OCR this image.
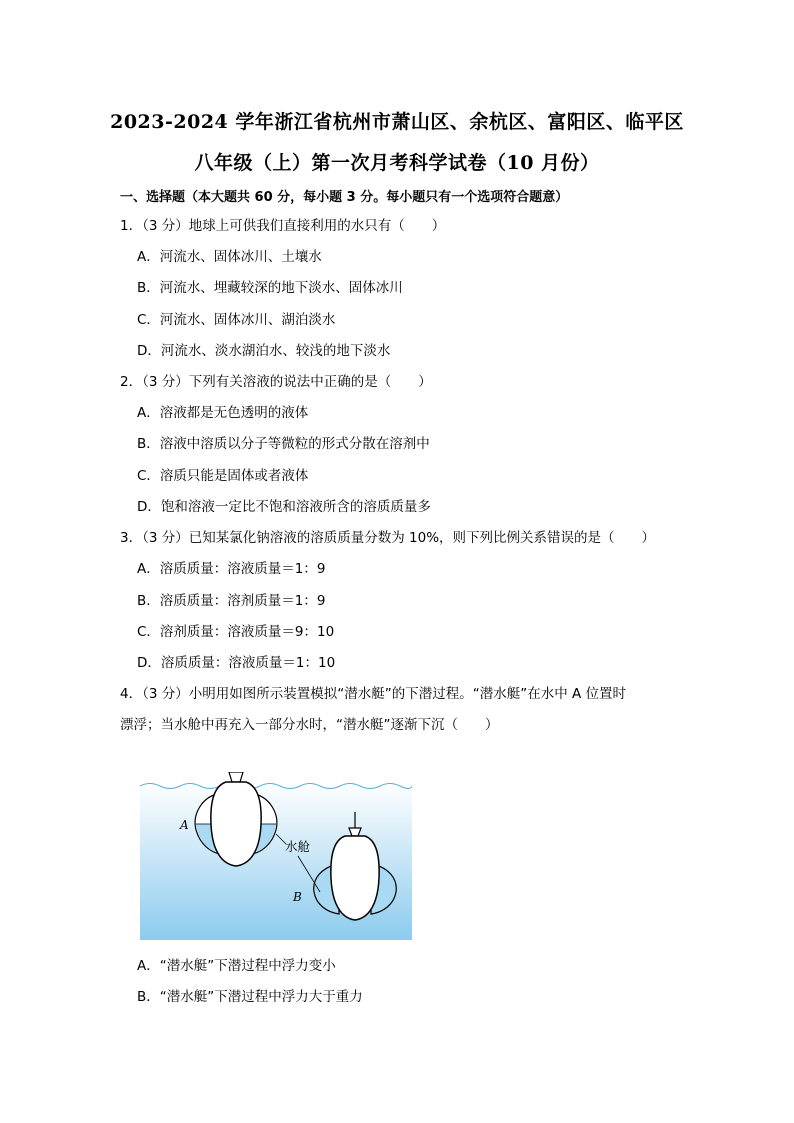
2023-2024 学年浙江省杭州市萧山区、余杭区、富阳区、临平区
八年级（上）第一次月考科学试卷（10 月份）
一、选择题（本大题共 60 分，每小题 3 分。每小题只有一个选项符合题意）
1．（3 分）地球上可供我们直接利用的水只有（　　）
A．河流水、固体冰川、土壤水
B．河流水、埋藏较深的地下淡水、固体冰川
C．河流水、固体冰川、湖泊淡水
D．河流水、淡水湖泊水、较浅的地下淡水
2．（3 分）下列有关溶液的说法中正确的是（　　）
A．溶液都是无色透明的液体
B．溶液中溶质以分子等微粒的形式分散在溶剂中
C．溶质只能是固体或者液体
D．饱和溶液一定比不饱和溶液所含的溶质质量多
3．（3 分）已知某氯化钠溶液的溶质质量分数为 10%，则下列比例关系错误的是（　　）
A．溶质质量：溶液质量＝1：9
B．溶质质量：溶剂质量＝1：9
C．溶剂质量：溶液质量＝9：10
D．溶质质量：溶液质量＝1：10
4．（3 分）小明用如图所示装置模拟“潜水艇”的下潜过程。“潜水艇”在水中 A 位置时
漂浮；当水舱中再充入一部分水时，“潜水艇”逐渐下沉（　　）
A
B
水舱
A．“潜水艇”下潜过程中浮力变小
B．“潜水艇”下潜过程中浮力大于重力
